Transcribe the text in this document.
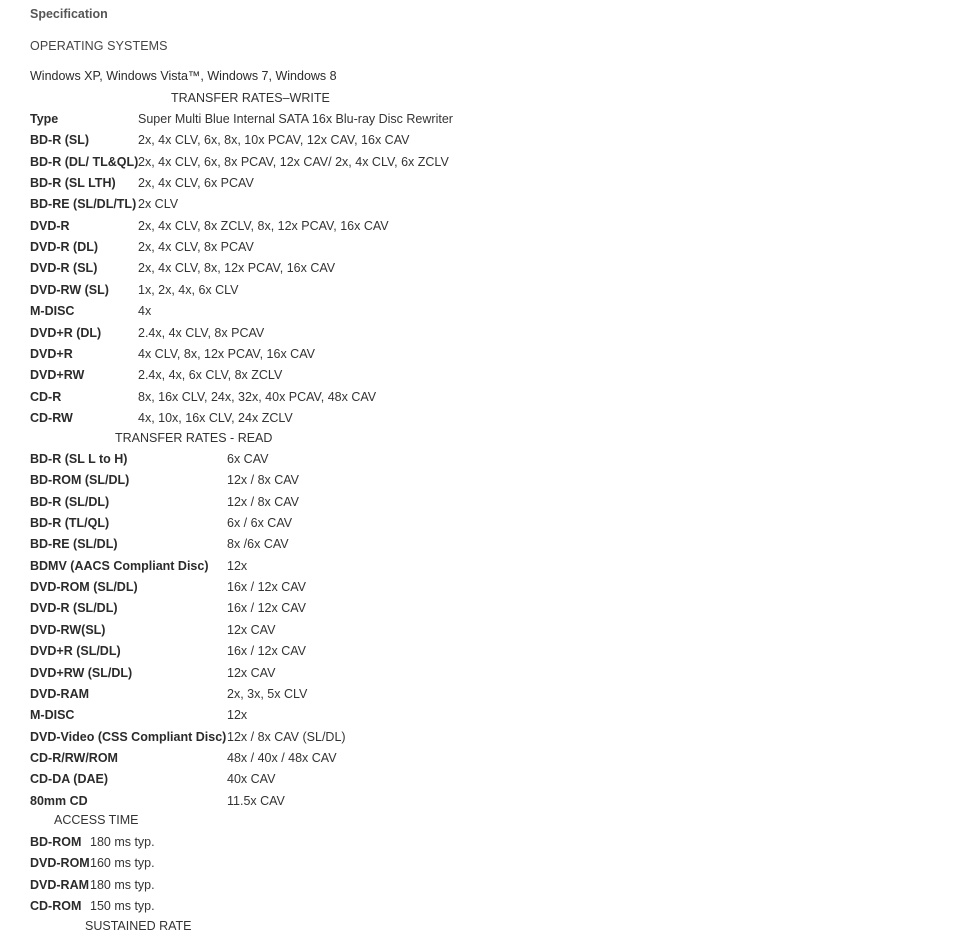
Specification
OPERATING SYSTEMS
Windows XP, Windows Vista™, Windows 7, Windows 8
TRANSFER RATES–WRITE
Type	Super Multi Blue Internal SATA 16x Blu-ray Disc Rewriter
BD-R (SL)	2x, 4x CLV, 6x, 8x, 10x PCAV, 12x CAV, 16x CAV
BD-R (DL/ TL&QL) 2x, 4x CLV, 6x, 8x PCAV, 12x CAV/ 2x, 4x CLV, 6x ZCLV
BD-R (SL LTH) 2x, 4x CLV, 6x PCAV
BD-RE (SL/DL/TL) 2x CLV
DVD-R	2x, 4x CLV, 8x ZCLV, 8x, 12x PCAV, 16x CAV
DVD-R (DL)	2x, 4x CLV, 8x PCAV
DVD-R (SL)	2x, 4x CLV, 8x, 12x PCAV, 16x CAV
DVD-RW (SL) 1x, 2x, 4x, 6x CLV
M-DISC	4x
DVD+R (DL)	2.4x, 4x CLV, 8x PCAV
DVD+R	4x CLV, 8x, 12x PCAV, 16x CAV
DVD+RW	2.4x, 4x, 6x CLV, 8x ZCLV
CD-R	8x, 16x CLV, 24x, 32x, 40x PCAV, 48x CAV
CD-RW	4x, 10x, 16x CLV, 24x ZCLV
TRANSFER RATES - READ
BD-R (SL L to H)	6x CAV
BD-ROM (SL/DL)	12x / 8x CAV
BD-R (SL/DL)	12x / 8x CAV
BD-R (TL/QL)	6x / 6x CAV
BD-RE (SL/DL)	8x /6x CAV
BDMV (AACS Compliant Disc) 12x
DVD-ROM (SL/DL)	16x / 12x CAV
DVD-R (SL/DL)	16x / 12x CAV
DVD-RW(SL)	12x CAV
DVD+R (SL/DL)	16x / 12x CAV
DVD+RW (SL/DL)	12x CAV
DVD-RAM	2x, 3x, 5x CLV
M-DISC	12x
DVD-Video (CSS Compliant Disc) 12x / 8x CAV (SL/DL)
CD-R/RW/ROM	48x / 40x / 48x CAV
CD-DA (DAE)	40x CAV
80mm CD	11.5x CAV
ACCESS TIME
BD-ROM 180 ms typ.
DVD-ROM 160 ms typ.
DVD-RAM 180 ms typ.
CD-ROM 150 ms typ.
SUSTAINED RATE
